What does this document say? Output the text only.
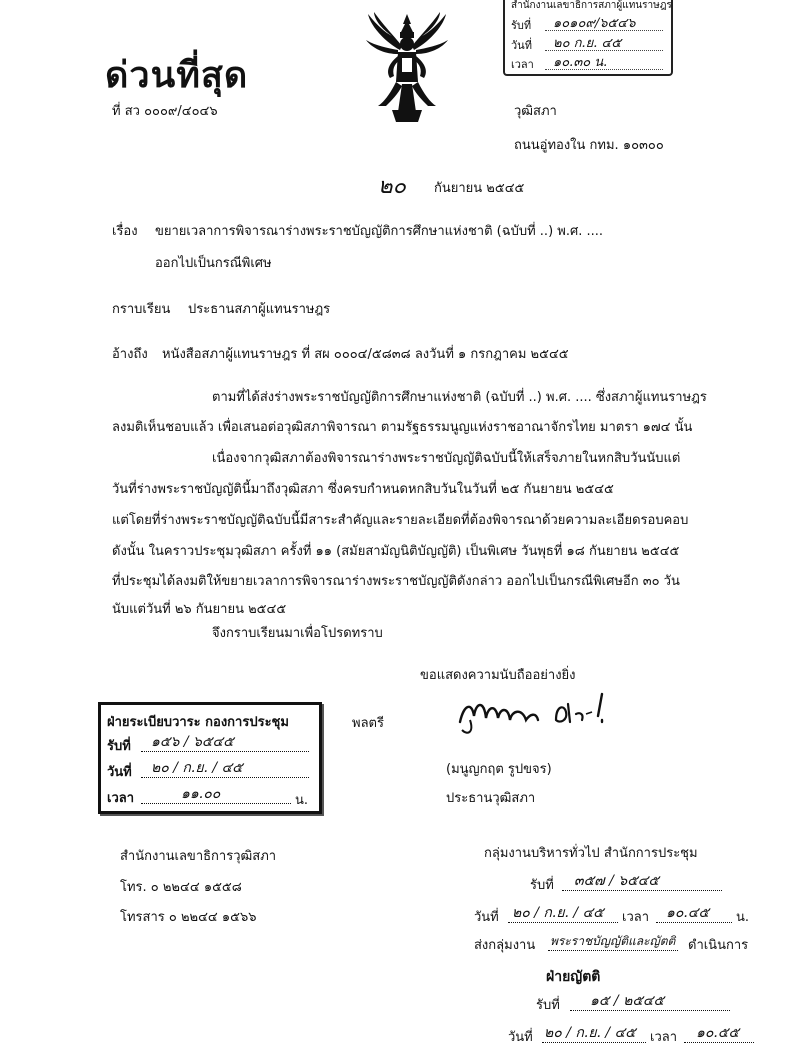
ด่วนที่สุด
สำนักงานเลขาธิการสภาผู้แทนราษฎร
รับที่ ๑๐๑๐๙/๖๕๔๖
วันที่ ๒๐ ก.ย. ๔๕
เวลา ๑๐.๓๐ น.
ที่ สว ๐๐๐๙/๔๐๔๖	วุฒิสภา
ถนนอู่ทองใน กทม. ๑๐๓๐๐
๒๐ กันยายน ๒๕๔๕
เรื่อง ขยายเวลาการพิจารณาร่างพระราชบัญญัติการศึกษาแห่งชาติ (ฉบับที่ ..) พ.ศ. ....
ออกไปเป็นกรณีพิเศษ
กราบเรียน ประธานสภาผู้แทนราษฎร
อ้างถึง หนังสือสภาผู้แทนราษฎร ที่ สผ ๐๐๐๔/๕๘๓๘ ลงวันที่ ๑ กรกฎาคม ๒๕๔๕
ตามที่ได้ส่งร่างพระราชบัญญัติการศึกษาแห่งชาติ (ฉบับที่ ..) พ.ศ. .... ซึ่งสภาผู้แทนราษฎร
ลงมติเห็นชอบแล้ว เพื่อเสนอต่อวุฒิสภาพิจารณา ตามรัฐธรรมนูญแห่งราชอาณาจักรไทย มาตรา ๑๗๔ นั้น
เนื่องจากวุฒิสภาต้องพิจารณาร่างพระราชบัญญัติฉบับนี้ให้เสร็จภายในหกสิบวันนับแต่
วันที่ร่างพระราชบัญญัตินี้มาถึงวุฒิสภา ซึ่งครบกำหนดหกสิบวันในวันที่ ๒๕ กันยายน ๒๕๔๕
แต่โดยที่ร่างพระราชบัญญัติฉบับนี้มีสาระสำคัญและรายละเอียดที่ต้องพิจารณาด้วยความละเอียดรอบคอบ
ดังนั้น ในคราวประชุมวุฒิสภา ครั้งที่ ๑๑ (สมัยสามัญนิติบัญญัติ) เป็นพิเศษ วันพุธที่ ๑๘ กันยายน ๒๕๔๕
ที่ประชุมได้ลงมติให้ขยายเวลาการพิจารณาร่างพระราชบัญญัติดังกล่าว ออกไปเป็นกรณีพิเศษอีก ๓๐ วัน
นับแต่วันที่ ๒๖ กันยายน ๒๕๔๕
จึงกราบเรียนมาเพื่อโปรดทราบ
ขอแสดงความนับถืออย่างยิ่ง
ฝ่ายระเบียบวาระ กองการประชุม
รับที่ ๑๕๖ / ๖๕๔๕
วันที่ ๒๐ / ก.ย. / ๔๕
เวลา	๑๑.๐๐	น.
พลตรี
(มนูญกฤต รูปขจร)
ประธานวุฒิสภา
สำนักงานเลขาธิการวุฒิสภา
โทร. ๐ ๒๒๔๔ ๑๕๕๘
โทรสาร ๐ ๒๒๔๔ ๑๕๖๖
กลุ่มงานบริหารทั่วไป สำนักการประชุม
รับที่ ๓๕๗ / ๖๕๔๕
วันที่ ๒๐ / ก.ย. / ๔๕ เวลา ๑๐.๔๕ น.
ส่งกลุ่มงาน พระราชบัญญัติและญัตติ ดำเนินการ
ฝ่ายญัตติ
รับที่ ๑๕ / ๒๕๔๕
วันที่ ๒๐ / ก.ย. / ๔๕ เวลา ๑๐.๕๕
